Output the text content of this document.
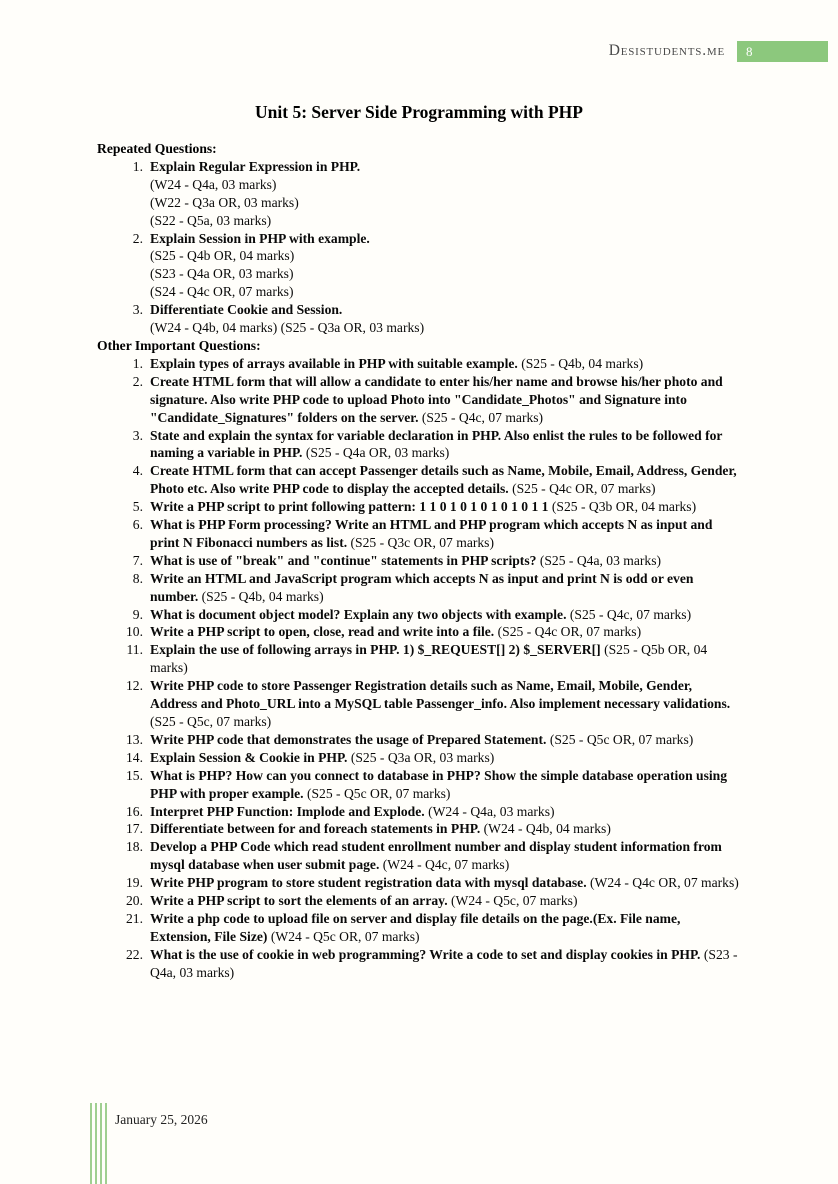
Desistudents.me	8
Unit 5: Server Side Programming with PHP
Repeated Questions:
1. Explain Regular Expression in PHP.
(W24 - Q4a, 03 marks)
(W22 - Q3a OR, 03 marks)
(S22 - Q5a, 03 marks)
2. Explain Session in PHP with example.
(S25 - Q4b OR, 04 marks)
(S23 - Q4a OR, 03 marks)
(S24 - Q4c OR, 07 marks)
3. Differentiate Cookie and Session.
(W24 - Q4b, 04 marks) (S25 - Q3a OR, 03 marks)
Other Important Questions:
1. Explain types of arrays available in PHP with suitable example. (S25 - Q4b, 04 marks)
2. Create HTML form that will allow a candidate to enter his/her name and browse his/her photo and signature. Also write PHP code to upload Photo into "Candidate_Photos" and Signature into "Candidate_Signatures" folders on the server. (S25 - Q4c, 07 marks)
3. State and explain the syntax for variable declaration in PHP. Also enlist the rules to be followed for naming a variable in PHP. (S25 - Q4a OR, 03 marks)
4. Create HTML form that can accept Passenger details such as Name, Mobile, Email, Address, Gender, Photo etc. Also write PHP code to display the accepted details. (S25 - Q4c OR, 07 marks)
5. Write a PHP script to print following pattern: 1 1 0 1 0 1 0 1 0 1 0 1 1 (S25 - Q3b OR, 04 marks)
6. What is PHP Form processing? Write an HTML and PHP program which accepts N as input and print N Fibonacci numbers as list. (S25 - Q3c OR, 07 marks)
7. What is use of "break" and "continue" statements in PHP scripts? (S25 - Q4a, 03 marks)
8. Write an HTML and JavaScript program which accepts N as input and print N is odd or even number. (S25 - Q4b, 04 marks)
9. What is document object model? Explain any two objects with example. (S25 - Q4c, 07 marks)
10. Write a PHP script to open, close, read and write into a file. (S25 - Q4c OR, 07 marks)
11. Explain the use of following arrays in PHP. 1) $_REQUEST[] 2) $_SERVER[] (S25 - Q5b OR, 04 marks)
12. Write PHP code to store Passenger Registration details such as Name, Email, Mobile, Gender, Address and Photo_URL into a MySQL table Passenger_info. Also implement necessary validations. (S25 - Q5c, 07 marks)
13. Write PHP code that demonstrates the usage of Prepared Statement. (S25 - Q5c OR, 07 marks)
14. Explain Session & Cookie in PHP. (S25 - Q3a OR, 03 marks)
15. What is PHP? How can you connect to database in PHP? Show the simple database operation using PHP with proper example. (S25 - Q5c OR, 07 marks)
16. Interpret PHP Function: Implode and Explode. (W24 - Q4a, 03 marks)
17. Differentiate between for and foreach statements in PHP. (W24 - Q4b, 04 marks)
18. Develop a PHP Code which read student enrollment number and display student information from mysql database when user submit page. (W24 - Q4c, 07 marks)
19. Write PHP program to store student registration data with mysql database. (W24 - Q4c OR, 07 marks)
20. Write a PHP script to sort the elements of an array. (W24 - Q5c, 07 marks)
21. Write a php code to upload file on server and display file details on the page.(Ex. File name, Extension, File Size) (W24 - Q5c OR, 07 marks)
22. What is the use of cookie in web programming? Write a code to set and display cookies in PHP. (S23 - Q4a, 03 marks)
January 25, 2026
